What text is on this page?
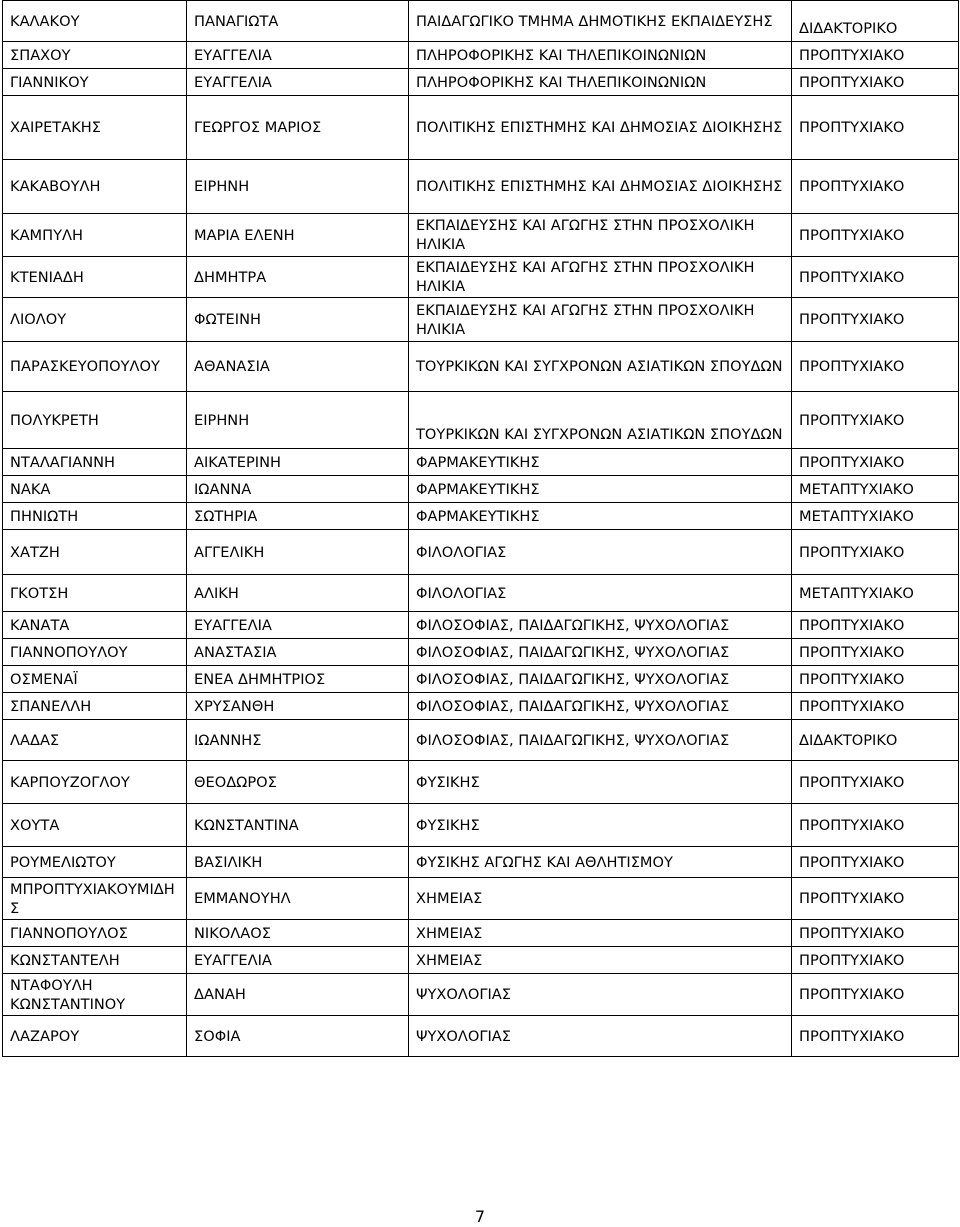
ΚΑΛΑΚΟΥ	ΠΑΝΑΓΙΩΤΑ	ΠΑΙΔΑΓΩΓΙΚΟ ΤΜΗΜΑ ΔΗΜΟΤΙΚΗΣ ΕΚΠΑΙΔΕΥΣΗΣ	ΔΙΔΑΚΤΟΡΙΚΟ
ΣΠΑΧΟΥ	ΕΥΑΓΓΕΛΙΑ	ΠΛΗΡΟΦΟΡΙΚΗΣ ΚΑΙ ΤΗΛΕΠΙΚΟΙΝΩΝΙΩΝ	ΠΡΟΠΤΥΧΙΑΚΟ
ΓΙΑΝΝΙΚΟΥ	ΕΥΑΓΓΕΛΙΑ	ΠΛΗΡΟΦΟΡΙΚΗΣ ΚΑΙ ΤΗΛΕΠΙΚΟΙΝΩΝΙΩΝ	ΠΡΟΠΤΥΧΙΑΚΟ
ΧΑΙΡΕΤΑΚΗΣ	ΓΕΩΡΓΟΣ ΜΑΡΙΟΣ	ΠΟΛΙΤΙΚΗΣ ΕΠΙΣΤΗΜΗΣ ΚΑΙ ΔΗΜΟΣΙΑΣ ΔΙΟΙΚΗΣΗΣ	ΠΡΟΠΤΥΧΙΑΚΟ
ΚΑΚΑΒΟΥΛΗ	ΕΙΡΗΝΗ	ΠΟΛΙΤΙΚΗΣ ΕΠΙΣΤΗΜΗΣ ΚΑΙ ΔΗΜΟΣΙΑΣ ΔΙΟΙΚΗΣΗΣ	ΠΡΟΠΤΥΧΙΑΚΟ
ΚΑΜΠΥΛΗ	ΜΑΡΙΑ ΕΛΕΝΗ	ΕΚΠΑΙΔΕΥΣΗΣ ΚΑΙ ΑΓΩΓΗΣ ΣΤΗΝ ΠΡΟΣΧΟΛΙΚΗ ΗΛΙΚΙΑ	ΠΡΟΠΤΥΧΙΑΚΟ
ΚΤΕΝΙΑΔΗ	ΔΗΜΗΤΡΑ	ΕΚΠΑΙΔΕΥΣΗΣ ΚΑΙ ΑΓΩΓΗΣ ΣΤΗΝ ΠΡΟΣΧΟΛΙΚΗ ΗΛΙΚΙΑ	ΠΡΟΠΤΥΧΙΑΚΟ
ΛΙΟΛΟΥ	ΦΩΤΕΙΝΗ	ΕΚΠΑΙΔΕΥΣΗΣ ΚΑΙ ΑΓΩΓΗΣ ΣΤΗΝ ΠΡΟΣΧΟΛΙΚΗ ΗΛΙΚΙΑ	ΠΡΟΠΤΥΧΙΑΚΟ
ΠΑΡΑΣΚΕΥΟΠΟΥΛΟΥ	ΑΘΑΝΑΣΙΑ	ΤΟΥΡΚΙΚΩΝ ΚΑΙ ΣΥΓΧΡΟΝΩΝ ΑΣΙΑΤΙΚΩΝ ΣΠΟΥΔΩΝ	ΠΡΟΠΤΥΧΙΑΚΟ
ΠΟΛΥΚΡΕΤΗ	ΕΙΡΗΝΗ	ΤΟΥΡΚΙΚΩΝ ΚΑΙ ΣΥΓΧΡΟΝΩΝ ΑΣΙΑΤΙΚΩΝ ΣΠΟΥΔΩΝ	ΠΡΟΠΤΥΧΙΑΚΟ
ΝΤΑΛΑΓΙΑΝΝΗ	ΑΙΚΑΤΕΡΙΝΗ	ΦΑΡΜΑΚΕΥΤΙΚΗΣ	ΠΡΟΠΤΥΧΙΑΚΟ
ΝΑΚΑ	ΙΩΑΝΝΑ	ΦΑΡΜΑΚΕΥΤΙΚΗΣ	ΜΕΤΑΠΤΥΧΙΑΚΟ
ΠΗΝΙΩΤΗ	ΣΩΤΗΡΙΑ	ΦΑΡΜΑΚΕΥΤΙΚΗΣ	ΜΕΤΑΠΤΥΧΙΑΚΟ
ΧΑΤΖΗ	ΑΓΓΕΛΙΚΗ	ΦΙΛΟΛΟΓΙΑΣ	ΠΡΟΠΤΥΧΙΑΚΟ
ΓΚΟΤΣΗ	ΑΛΙΚΗ	ΦΙΛΟΛΟΓΙΑΣ	ΜΕΤΑΠΤΥΧΙΑΚΟ
ΚΑΝΑΤΑ	ΕΥΑΓΓΕΛΙΑ	ΦΙΛΟΣΟΦΙΑΣ, ΠΑΙΔΑΓΩΓΙΚΗΣ, ΨΥΧΟΛΟΓΙΑΣ	ΠΡΟΠΤΥΧΙΑΚΟ
ΓΙΑΝΝΟΠΟΥΛΟΥ	ΑΝΑΣΤΑΣΙΑ	ΦΙΛΟΣΟΦΙΑΣ, ΠΑΙΔΑΓΩΓΙΚΗΣ, ΨΥΧΟΛΟΓΙΑΣ	ΠΡΟΠΤΥΧΙΑΚΟ
ΟΣΜΕΝΑΪ	ΕΝΕΑ ΔΗΜΗΤΡΙΟΣ	ΦΙΛΟΣΟΦΙΑΣ, ΠΑΙΔΑΓΩΓΙΚΗΣ, ΨΥΧΟΛΟΓΙΑΣ	ΠΡΟΠΤΥΧΙΑΚΟ
ΣΠΑΝΕΛΛΗ	ΧΡΥΣΑΝΘΗ	ΦΙΛΟΣΟΦΙΑΣ, ΠΑΙΔΑΓΩΓΙΚΗΣ, ΨΥΧΟΛΟΓΙΑΣ	ΠΡΟΠΤΥΧΙΑΚΟ
ΛΑΔΑΣ	ΙΩΑΝΝΗΣ	ΦΙΛΟΣΟΦΙΑΣ, ΠΑΙΔΑΓΩΓΙΚΗΣ, ΨΥΧΟΛΟΓΙΑΣ	ΔΙΔΑΚΤΟΡΙΚΟ
ΚΑΡΠΟΥΖΟΓΛΟΥ	ΘΕΟΔΩΡΟΣ	ΦΥΣΙΚΗΣ	ΠΡΟΠΤΥΧΙΑΚΟ
ΧΟΥΤΑ	ΚΩΝΣΤΑΝΤΙΝΑ	ΦΥΣΙΚΗΣ	ΠΡΟΠΤΥΧΙΑΚΟ
ΡΟΥΜΕΛΙΩΤΟΥ	ΒΑΣΙΛΙΚΗ	ΦΥΣΙΚΗΣ ΑΓΩΓΗΣ ΚΑΙ ΑΘΛΗΤΙΣΜΟΥ	ΠΡΟΠΤΥΧΙΑΚΟ
ΜΠΡΟΠΤΥΧΙΑΚΟΥΜΙΔΗΣ	ΕΜΜΑΝΟΥΗΛ	ΧΗΜΕΙΑΣ	ΠΡΟΠΤΥΧΙΑΚΟ
ΓΙΑΝΝΟΠΟΥΛΟΣ	ΝΙΚΟΛΑΟΣ	ΧΗΜΕΙΑΣ	ΠΡΟΠΤΥΧΙΑΚΟ
ΚΩΝΣΤΑΝΤΕΛΗ	ΕΥΑΓΓΕΛΙΑ	ΧΗΜΕΙΑΣ	ΠΡΟΠΤΥΧΙΑΚΟ
ΝΤΑΦΟΥΛΗ ΚΩΝΣΤΑΝΤΙΝΟΥ	ΔΑΝΑΗ	ΨΥΧΟΛΟΓΙΑΣ	ΠΡΟΠΤΥΧΙΑΚΟ
ΛΑΖΑΡΟΥ	ΣΟΦΙΑ	ΨΥΧΟΛΟΓΙΑΣ	ΠΡΟΠΤΥΧΙΑΚΟ
7
